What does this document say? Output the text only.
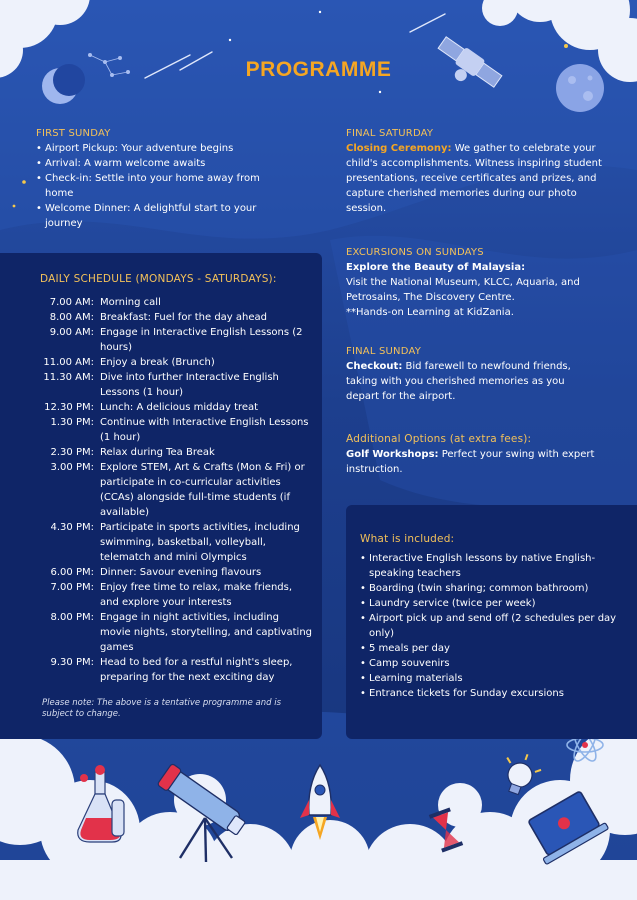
PROGRAMME
FIRST SUNDAY
• Airport Pickup: Your adventure begins
• Arrival: A warm welcome awaits
• Check-in: Settle into your home away from home
• Welcome Dinner: A delightful start to your journey
DAILY SCHEDULE (MONDAYS - SATURDAYS):
7.00 AM:	Morning call
8.00 AM:	Breakfast: Fuel for the day ahead
9.00 AM:	Engage in Interactive English Lessons (2 hours)
11.00 AM:	Enjoy a break (Brunch)
11.30 AM:	Dive into further Interactive English Lessons (1 hour)
12.30 PM:	Lunch: A delicious midday treat
1.30 PM:	Continue with Interactive English Lessons (1 hour)
2.30 PM:	Relax during Tea Break
3.00 PM:	Explore STEM, Art & Crafts (Mon & Fri) or participate in co-curricular activities (CCAs) alongside full-time students (if available)
4.30 PM:	Participate in sports activities, including swimming, basketball, volleyball, telematch and mini Olympics
6.00 PM:	Dinner: Savour evening flavours
7.00 PM:	Enjoy free time to relax, make friends, and explore your interests
8.00 PM:	Engage in night activities, including movie nights, storytelling, and captivating games
9.30 PM:	Head to bed for a restful night's sleep, preparing for the next exciting day
Please note: The above is a tentative programme and is subject to change.
FINAL SATURDAY
Closing Ceremony: We gather to celebrate your child's accomplishments. Witness inspiring student presentations, receive certificates and prizes, and capture cherished memories during our photo session.
EXCURSIONS ON SUNDAYS
Explore the Beauty of Malaysia:
Visit the National Museum, KLCC, Aquaria, and Petrosains, The Discovery Centre.
**Hands-on Learning at KidZania.
FINAL SUNDAY
Checkout: Bid farewell to newfound friends, taking with you cherished memories as you depart for the airport.
Additional Options (at extra fees):
Golf Workshops: Perfect your swing with expert instruction.
What is included:
• Interactive English lessons by native English-speaking teachers
• Boarding (twin sharing; common bathroom)
• Laundry service (twice per week)
• Airport pick up and send off (2 schedules per day only)
• 5 meals per day
• Camp souvenirs
• Learning materials
• Entrance tickets for Sunday excursions
